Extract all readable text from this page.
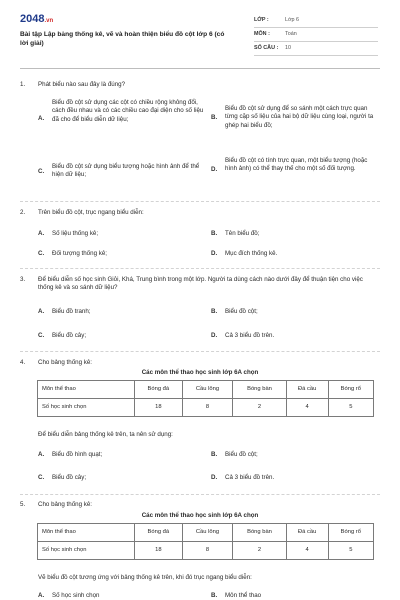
2048.vn
Bài tập Lập bảng thống kê, vẽ và hoàn thiện biểu đồ cột lớp 6 (có lời giải)
LỚP :	Lớp 6
MÔN :	Toán
SỐ CÂU :	10
1.	Phát biểu nào sau đây là đúng?
A.
Biểu đồ cột sử dụng các cột có chiều rộng không đổi, cách đều nhau và có các chiều cao đại diện cho số liệu đã cho để biểu diễn dữ liệu;	B.
Biểu đồ cột sử dụng để so sánh một cách trực quan từng cặp số liệu của hai bộ dữ liệu cùng loại, người ta ghép hai biểu đồ;
C.
Biểu đồ cột sử dụng biểu tượng hoặc hình ảnh để thể hiện dữ liệu;
D.
Biểu đồ cột có tính trực quan, một biểu tượng (hoặc hình ảnh) có thể thay thế cho một số đối tượng.
2.	Trên biểu đồ cột, trục ngang biểu diễn:
A.	Số liệu thống kê;	B.	Tên biểu đồ;
C.	Đối tượng thống kê;	D.	Mục đích thống kê.
3.	Để biểu diễn số học sinh Giỏi, Khá, Trung bình trong một lớp. Người ta dùng cách nào dưới đây để thuận tiện cho việc thống kê và so sánh dữ liệu?
A.	Biểu đồ tranh;	B.	Biểu đồ cột;
C.	Biểu đồ cây;	D.	Cả 3 biểu đồ trên.
4.	Cho bảng thống kê:
Các môn thể thao học sinh lớp 6A chọn
Môn thể thao	Bóng đá	Cầu lông	Bóng bàn	Đá cầu	Bóng rổ
Số học sinh chọn	18	8	2	4	5
Để biểu diễn bảng thống kê trên, ta nên sử dụng:
A.	Biểu đồ hình quạt;	B.	Biểu đồ cột;
C.	Biểu đồ cây;	D.	Cả 3 biểu đồ trên.
5.	Cho bảng thống kê:
Các môn thể thao học sinh lớp 6A chọn
Môn thể thao	Bóng đá	Cầu lông	Bóng bàn	Đá cầu	Bóng rổ
Số học sinh chọn	18	8	2	4	5
Vẽ biểu đồ cột tương ứng với bảng thống kê trên, khi đó trục ngang biểu diễn:
A.	Số học sinh chọn	B.	Môn thể thao
